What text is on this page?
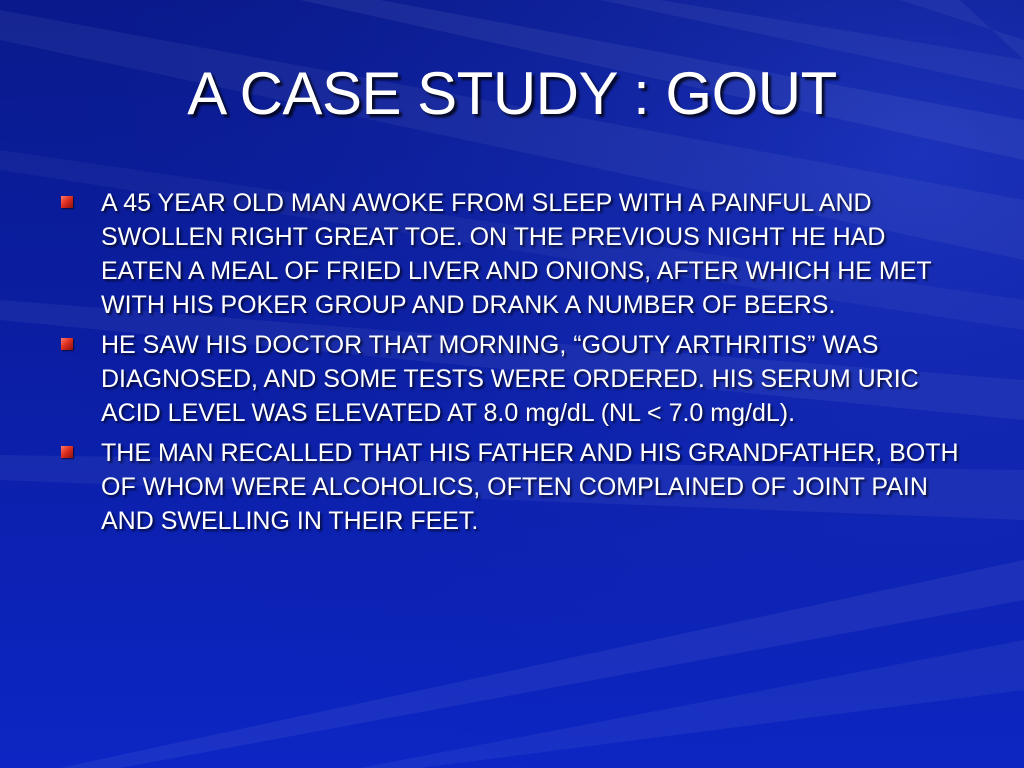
A CASE STUDY : GOUT
A 45 YEAR OLD MAN AWOKE FROM SLEEP WITH A PAINFUL AND SWOLLEN RIGHT GREAT TOE. ON THE PREVIOUS NIGHT HE HAD EATEN A MEAL OF FRIED LIVER AND ONIONS, AFTER WHICH HE MET WITH HIS POKER GROUP AND DRANK A NUMBER OF BEERS.
HE SAW HIS DOCTOR THAT MORNING, “GOUTY ARTHRITIS” WAS DIAGNOSED, AND SOME TESTS WERE ORDERED. HIS SERUM URIC ACID LEVEL WAS ELEVATED AT 8.0 mg/dL (NL < 7.0 mg/dL).
THE MAN RECALLED THAT HIS FATHER AND HIS GRANDFATHER, BOTH OF WHOM WERE ALCOHOLICS, OFTEN COMPLAINED OF JOINT PAIN AND SWELLING IN THEIR FEET.
